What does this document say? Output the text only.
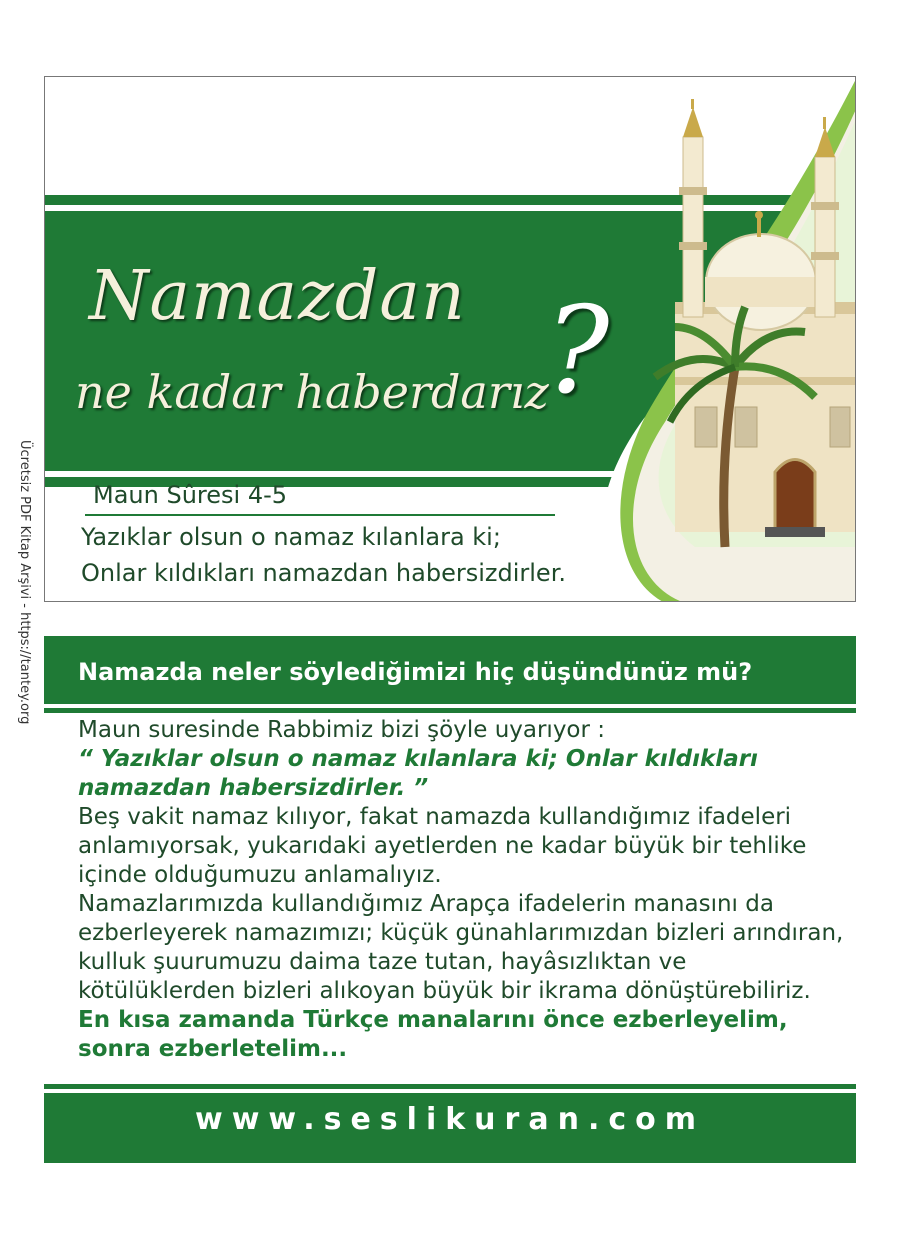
Namazdan
ne kadar haberdarız
?
Maun Sûresi 4-5
Yazıklar olsun o namaz kılanlara ki;
Onlar kıldıkları namazdan habersizdirler.
Namazda neler söylediğimizi hiç düşündünüz mü?

Maun suresinde Rabbimiz bizi şöyle uyarıyor :

“ Yazıklar olsun o namaz kılanlara ki; Onlar kıldıkları namazdan habersizdirler. ”

Beş vakit namaz kılıyor, fakat namazda kullandığımız ifadeleri anlamıyorsak, yukarıdaki ayetlerden ne kadar büyük bir tehlike içinde olduğumuzu anlamalıyız.

Namazlarımızda kullandığımız Arapça ifadelerin manasını da ezberleyerek namazımızı; küçük günahlarımızdan bizleri arındıran, kulluk şuurumuzu daima taze tutan, hayâsızlıktan ve kötülüklerden bizleri alıkoyan büyük bir ikrama dönüştürebiliriz.

En kısa zamanda Türkçe manalarını önce ezberleyelim, sonra ezberletelim...

www.seslikuran.com
Ücretsiz PDF Kitap Arşivi - https://tantey.org
